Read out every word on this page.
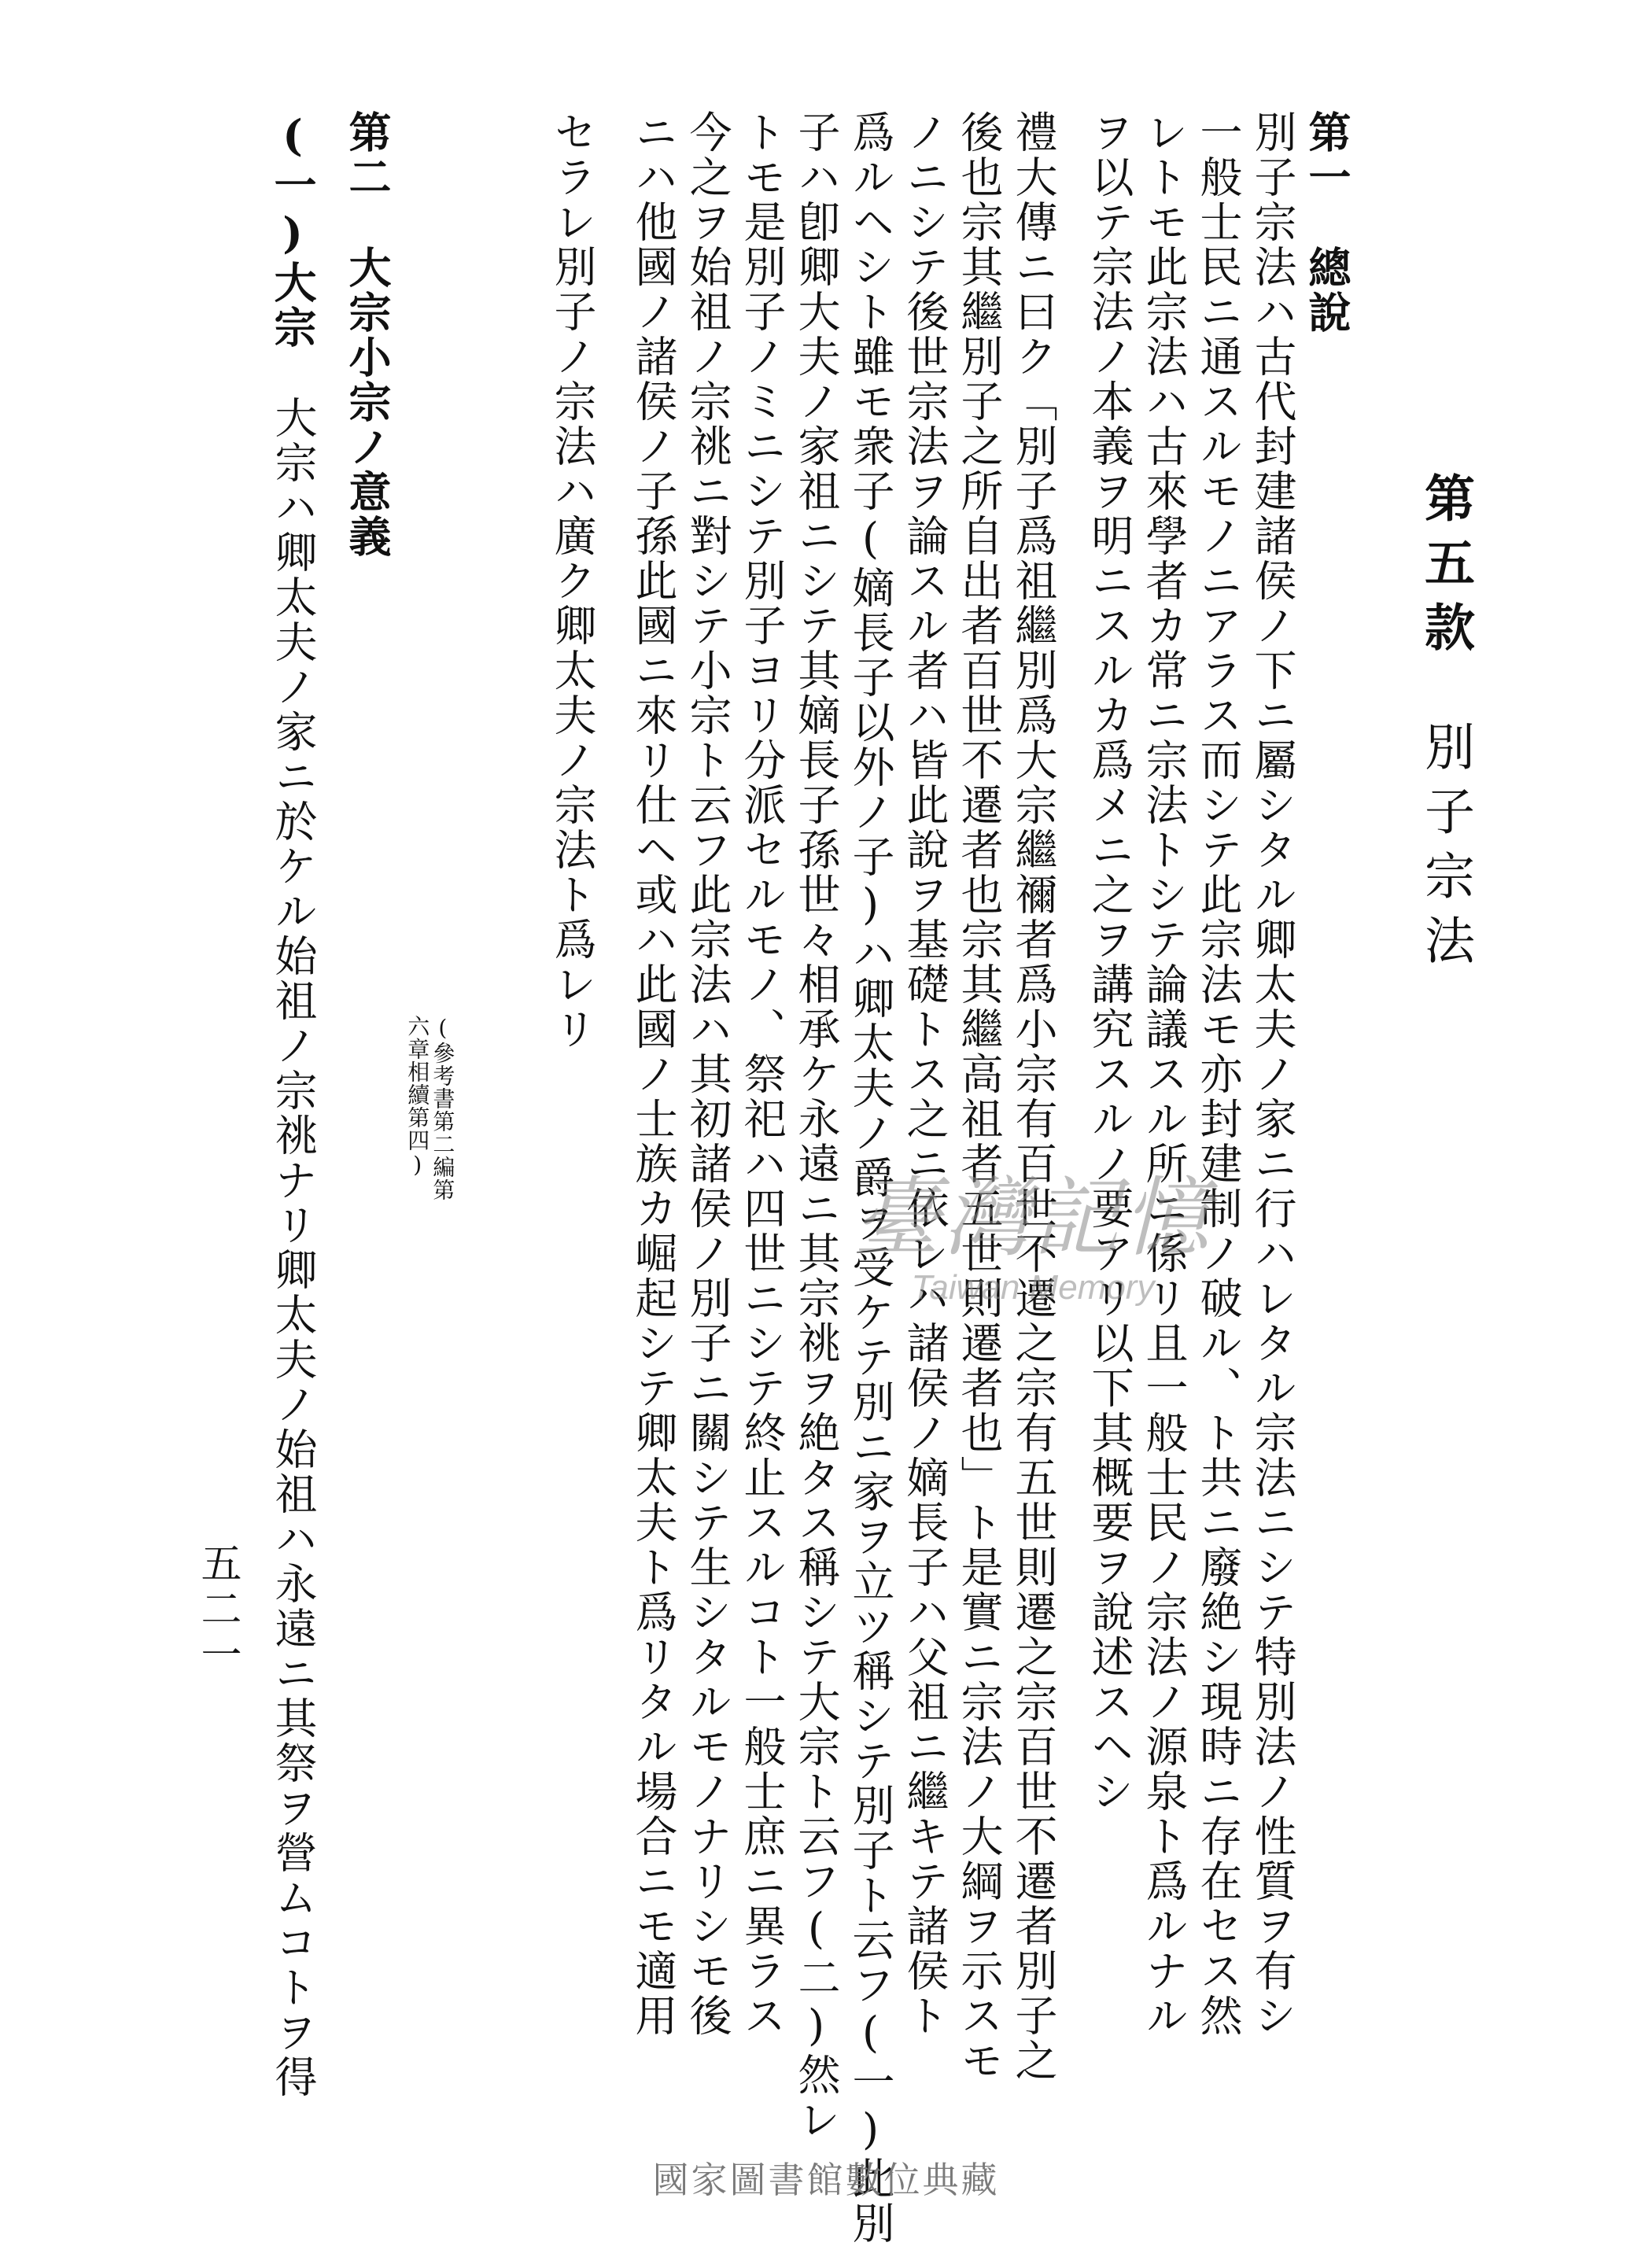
第五款別子宗法
第一總說
別子宗法ハ古代封建諸侯ノ下ニ屬シタル卿太夫ノ家ニ行ハレタル宗法ニシテ特別法ノ性質ヲ有シ
一般士民ニ通スルモノニアラス而シテ此宗法モ亦封建制ノ破ル、ト共ニ廢絶シ現時ニ存在セス然
レトモ此宗法ハ古來學者カ常ニ宗法トシテ論議スル所ニ係リ且一般士民ノ宗法ノ源泉ト爲ルナル
ヲ以テ宗法ノ本義ヲ明ニスルカ爲メニ之ヲ講究スルノ要アリ以下其概要ヲ說述スヘシ
禮大傳ニ曰ク「別子爲祖繼別爲大宗繼禰者爲小宗有百世不遷之宗有五世則遷之宗百世不遷者別子之
後也宗其繼別子之所自出者百世不遷者也宗其繼高祖者五世則遷者也」ト是實ニ宗法ノ大綱ヲ示スモ
ノニシテ後世宗法ヲ論スル者ハ皆此說ヲ基礎トス之ニ依レハ諸侯ノ嫡長子ハ父祖ニ繼キテ諸侯ト
爲ルヘシト雖モ衆子(嫡長子以外ノ子)ハ卿太夫ノ爵ヲ受ケテ別ニ家ヲ立ツ稱シテ別子ト云フ(一)此別
子ハ卽卿大夫ノ家祖ニシテ其嫡長子孫世々相承ケ永遠ニ其宗祧ヲ絶タス稱シテ大宗ト云フ(二)然レ
トモ是別子ノミニシテ別子ヨリ分派セルモノ、祭祀ハ四世ニシテ終止スルコト一般士庶ニ異ラス
今之ヲ始祖ノ宗祧ニ對シテ小宗ト云フ此宗法ハ其初諸侯ノ別子ニ關シテ生シタルモノナリシモ後
ニハ他國ノ諸侯ノ子孫此國ニ來リ仕ヘ或ハ此國ノ士族カ崛起シテ卿太夫ト爲リタル場合ニモ適用
セラレ別子ノ宗法ハ廣ク卿太夫ノ宗法ト爲レリ
(參考書第二編第
六章相續第四)
第二大宗小宗ノ意義
(一)大宗大宗ハ卿太夫ノ家ニ於ケル始祖ノ宗祧ナリ卿太夫ノ始祖ハ永遠ニ其祭ヲ營ムコトヲ得
五二一
臺灣記憶
Taiwan Memory
國家圖書館數位典藏
